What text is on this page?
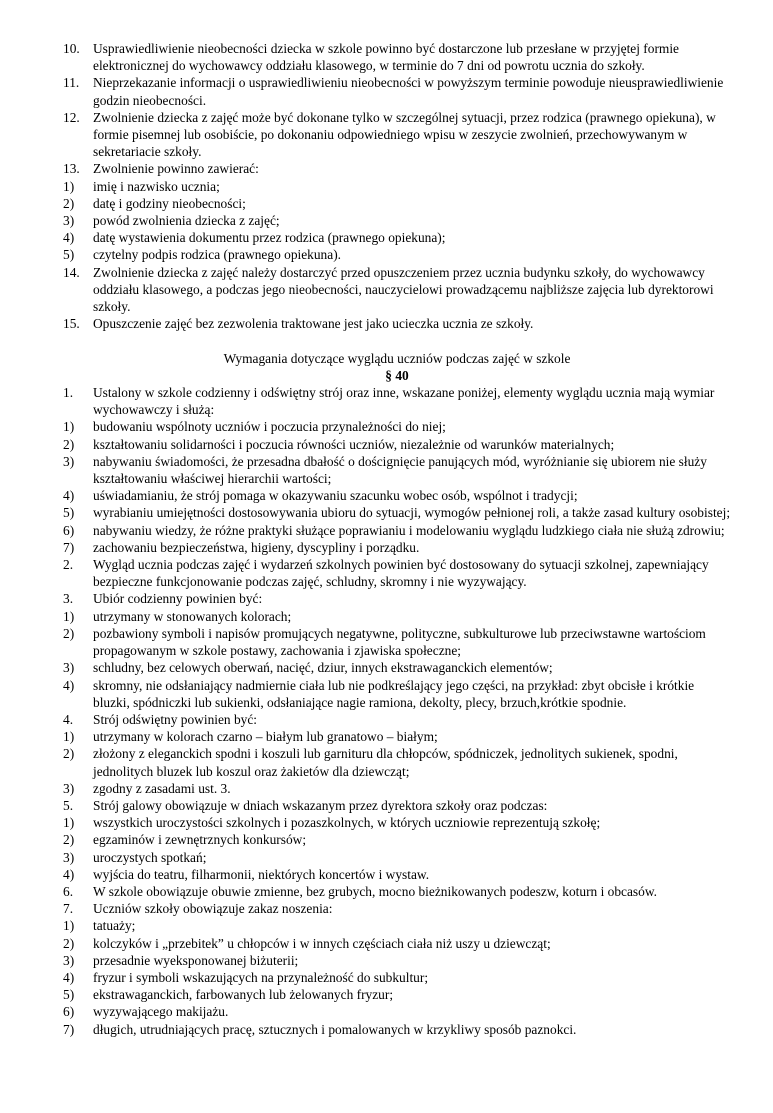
10. Usprawiedliwienie nieobecności dziecka w szkole powinno być dostarczone lub przesłane w przyjętej formie elektronicznej do wychowawcy oddziału klasowego, w terminie do 7 dni od powrotu ucznia do szkoły.
11. Nieprzekazanie informacji o usprawiedliwieniu nieobecności w powyższym terminie powoduje nieusprawiedliwienie godzin nieobecności.
12. Zwolnienie dziecka z zajęć może być dokonane tylko w szczególnej sytuacji, przez rodzica (prawnego opiekuna), w formie pisemnej lub osobiście, po dokonaniu odpowiedniego wpisu w zeszycie zwolnień, przechowywanym w sekretariacie szkoły.
13. Zwolnienie powinno zawierać:
1) imię i nazwisko ucznia;
2) datę i godziny nieobecności;
3) powód zwolnienia dziecka z zajęć;
4) datę wystawienia dokumentu przez rodzica (prawnego opiekuna);
5) czytelny podpis rodzica (prawnego opiekuna).
14. Zwolnienie dziecka z zajęć należy dostarczyć przed opuszczeniem przez ucznia budynku szkoły, do wychowawcy oddziału klasowego, a podczas jego nieobecności, nauczycielowi prowadzącemu najbliższe zajęcia lub dyrektorowi szkoły.
15. Opuszczenie zajęć bez zezwolenia traktowane jest jako ucieczka ucznia ze szkoły.
Wymagania dotyczące wyglądu uczniów podczas zajęć w szkole
§ 40
1. Ustalony w szkole codzienny i odświętny strój oraz inne, wskazane poniżej, elementy wyglądu ucznia mają wymiar wychowawczy i służą:
1) budowaniu wspólnoty uczniów i poczucia przynależności do niej;
2) kształtowaniu solidarności i poczucia równości uczniów, niezależnie od warunków materialnych;
3) nabywaniu świadomości, że przesadna dbałość o doścignięcie panujących mód, wyróżnianie się ubiorem nie służy kształtowaniu właściwej hierarchii wartości;
4) uświadamianiu, że strój pomaga w okazywaniu szacunku wobec osób, wspólnot i tradycji;
5) wyrabianiu umiejętności dostosowywania ubioru do sytuacji, wymogów pełnionej roli, a także zasad kultury osobistej;
6) nabywaniu wiedzy, że różne praktyki służące poprawianiu i modelowaniu wyglądu ludzkiego ciała nie służą zdrowiu;
7) zachowaniu bezpieczeństwa, higieny, dyscypliny i porządku.
2. Wygląd ucznia podczas zajęć i wydarzeń szkolnych powinien być dostosowany do sytuacji szkolnej, zapewniający bezpieczne funkcjonowanie podczas zajęć, schludny, skromny i nie wyzywający.
3. Ubiór codzienny powinien być:
1) utrzymany w stonowanych kolorach;
2) pozbawiony symboli i napisów promujących negatywne, polityczne, subkulturowe lub przeciwstawne wartościom propagowanym w szkole postawy, zachowania i zjawiska społeczne;
3) schludny, bez celowych oberwań, nacięć, dziur, innych ekstrawaganckich elementów;
4) skromny, nie odsłaniający nadmiernie ciała lub nie podkreślający jego części, na przykład: zbyt obcisłe i krótkie bluzki, spódniczki lub sukienki, odsłaniające nagie ramiona, dekolty, plecy, brzuch,krótkie spodnie.
4. Strój odświętny powinien być:
1) utrzymany w kolorach czarno – białym lub granatowo – białym;
2) złożony z eleganckich spodni i koszuli lub garnituru dla chłopców, spódniczek, jednolitych sukienek, spodni, jednolitych bluzek lub koszul oraz żakietów dla dziewcząt;
3) zgodny z zasadami ust. 3.
5. Strój galowy obowiązuje w dniach wskazanym przez dyrektora szkoły oraz podczas:
1) wszystkich uroczystości szkolnych i pozaszkolnych, w których uczniowie reprezentują szkołę;
2) egzaminów i zewnętrznych konkursów;
3) uroczystych spotkań;
4) wyjścia do teatru, filharmonii, niektórych koncertów i wystaw.
6. W szkole obowiązuje obuwie zmienne, bez grubych, mocno bieżnikowanych podeszw, koturn i obcasów.
7. Uczniów szkoły obowiązuje zakaz noszenia:
1) tatuaży;
2) kolczyków i „przebitek” u chłopców i w innych częściach ciała niż uszy u dziewcząt;
3) przesadnie wyeksponowanej biżuterii;
4) fryzur i symboli wskazujących na przynależność do subkultur;
5) ekstrawaganckich, farbowanych lub żelowanych fryzur;
6) wyzywającego makijażu.
7) długich, utrudniających pracę, sztucznych i pomalowanych w krzykliwy sposób paznokci.
